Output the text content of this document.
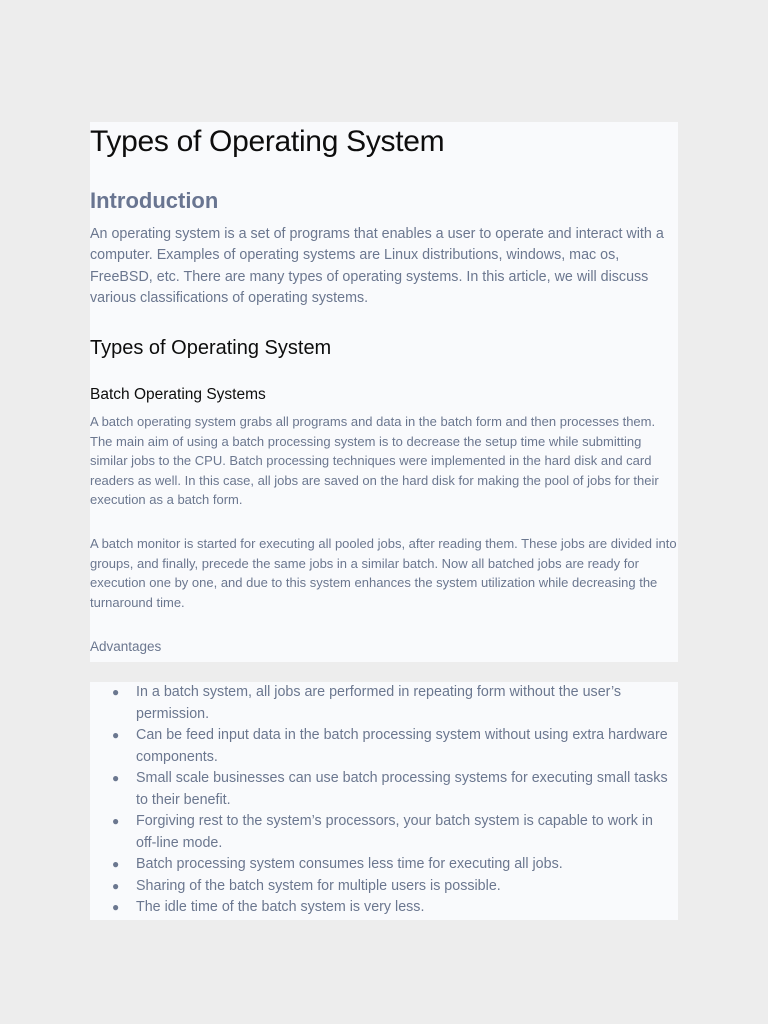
Types of Operating System
Introduction

An operating system is a set of programs that enables a user to operate and interact with a computer. Examples of operating systems are Linux distributions, windows, mac os, FreeBSD, etc. There are many types of operating systems. In this article, we will discuss various classifications of operating systems.

Types of Operating System
Batch Operating Systems

A batch operating system grabs all programs and data in the batch form and then processes them. The main aim of using a batch processing system is to decrease the setup time while submitting similar jobs to the CPU. Batch processing techniques were implemented in the hard disk and card readers as well. In this case, all jobs are saved on the hard disk for making the pool of jobs for their execution as a batch form.

A batch monitor is started for executing all pooled jobs, after reading them. These jobs are divided into groups, and finally, precede the same jobs in a similar batch. Now all batched jobs are ready for execution one by one, and due to this system enhances the system utilization while decreasing the turnaround time.

Advantages

● In a batch system, all jobs are performed in repeating form without the user’s permission.
● Can be feed input data in the batch processing system without using extra hardware components.
● Small scale businesses can use batch processing systems for executing small tasks to their benefit.
● Forgiving rest to the system’s processors, your batch system is capable to work in off-line mode.
● Batch processing system consumes less time for executing all jobs.
● Sharing of the batch system for multiple users is possible.
● The idle time of the batch system is very less.
